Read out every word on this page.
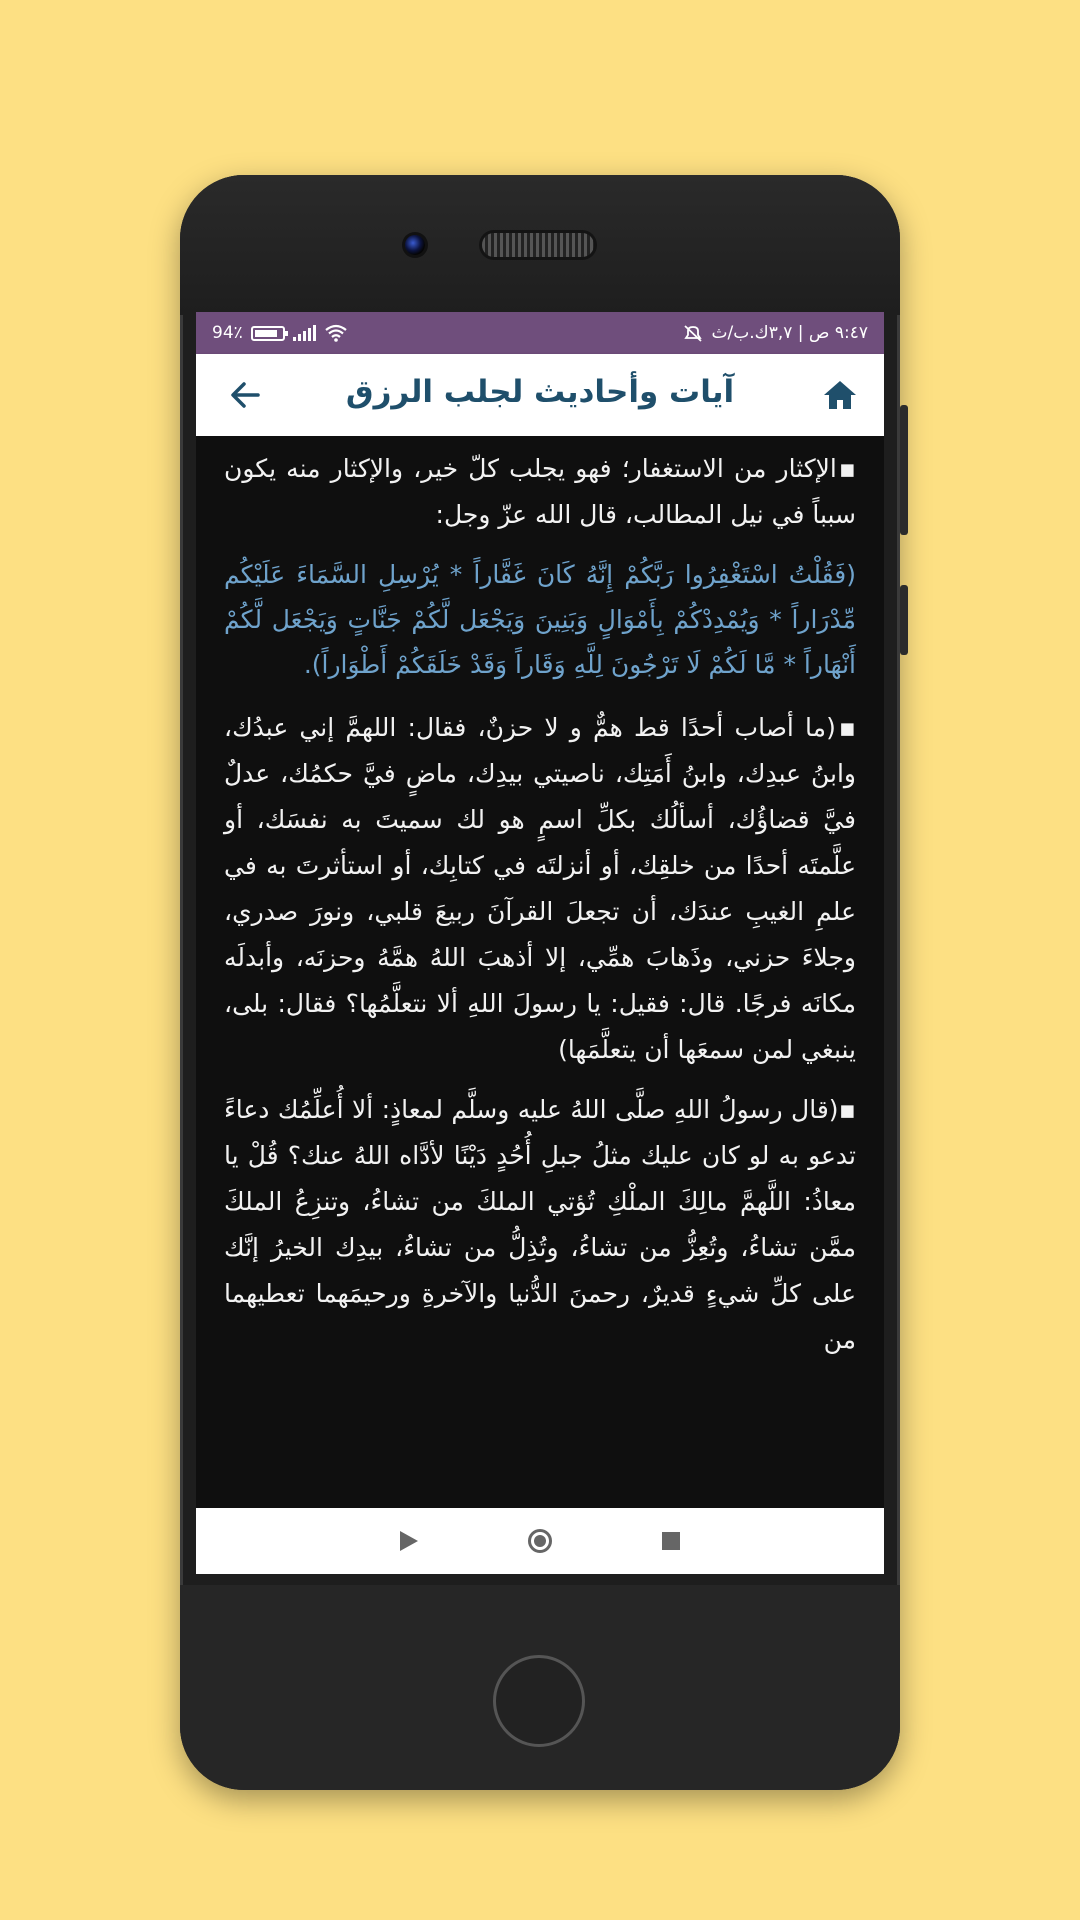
94٪	٩:٤٧ ص | ٣,٧ك.ب/ث
آيات وأحاديث لجلب الرزق

▪الإكثار من الاستغفار؛ فهو يجلب كلّ خير، والإكثار منه يكون سبباً في نيل المطالب، قال الله عزّ وجل:

(فَقُلْتُ اسْتَغْفِرُوا رَبَّكُمْ إِنَّهُ كَانَ غَفَّاراً * يُرْسِلِ السَّمَاءَ عَلَيْكُم مِّدْرَاراً * وَيُمْدِدْكُمْ بِأَمْوَالٍ وَبَنِينَ وَيَجْعَل لَّكُمْ جَنَّاتٍ وَيَجْعَل لَّكُمْ أَنْهَاراً * مَّا لَكُمْ لَا تَرْجُونَ لِلَّهِ وَقَاراً وَقَدْ خَلَقَكُمْ أَطْوَاراً).

▪(ما أصاب أحدًا قط همٌّ و لا حزنٌ، فقال: اللهمَّ إني عبدُك، وابنُ عبدِك، وابنُ أَمَتِك، ناصيتي بيدِك، ماضٍ فيَّ حكمُك، عدلٌ فيَّ قضاؤُك، أسألُك بكلِّ اسمٍ هو لك سميتَ به نفسَك، أو علَّمتَه أحدًا من خلقِك، أو أنزلتَه في كتابِك، أو استأثرتَ به في علمِ الغيبِ عندَك، أن تجعلَ القرآنَ ربيعَ قلبي، ونورَ صدري، وجلاءَ حزني، وذَهابَ همِّي، إلا أذهبَ اللهُ همَّهُ وحزنَه، وأبدلَه مكانَه فرجًا. قال: فقيل: يا رسولَ اللهِ ألا نتعلَّمُها؟ فقال: بلى، ينبغي لمن سمعَها أن يتعلَّمَها)

▪(قال رسولُ اللهِ صلَّى اللهُ عليه وسلَّم لمعاذٍ: ألا أُعلِّمُك دعاءً تدعو به لو كان عليك مثلُ جبلِ أُحُدٍ دَيْنًا لأدَّاه اللهُ عنك؟ قُلْ يا معاذُ: اللَّهمَّ مالِكَ الملْكِ تُؤتي الملكَ من تشاءُ، وتنزِعُ الملكَ ممَّن تشاءُ، وتُعِزُّ من تشاءُ، وتُذِلُّ من تشاءُ، بيدِك الخيرُ إنَّك على كلِّ شيءٍ قديرٌ، رحمنَ الدُّنيا والآخرةِ ورحيمَهما تعطيهما من
